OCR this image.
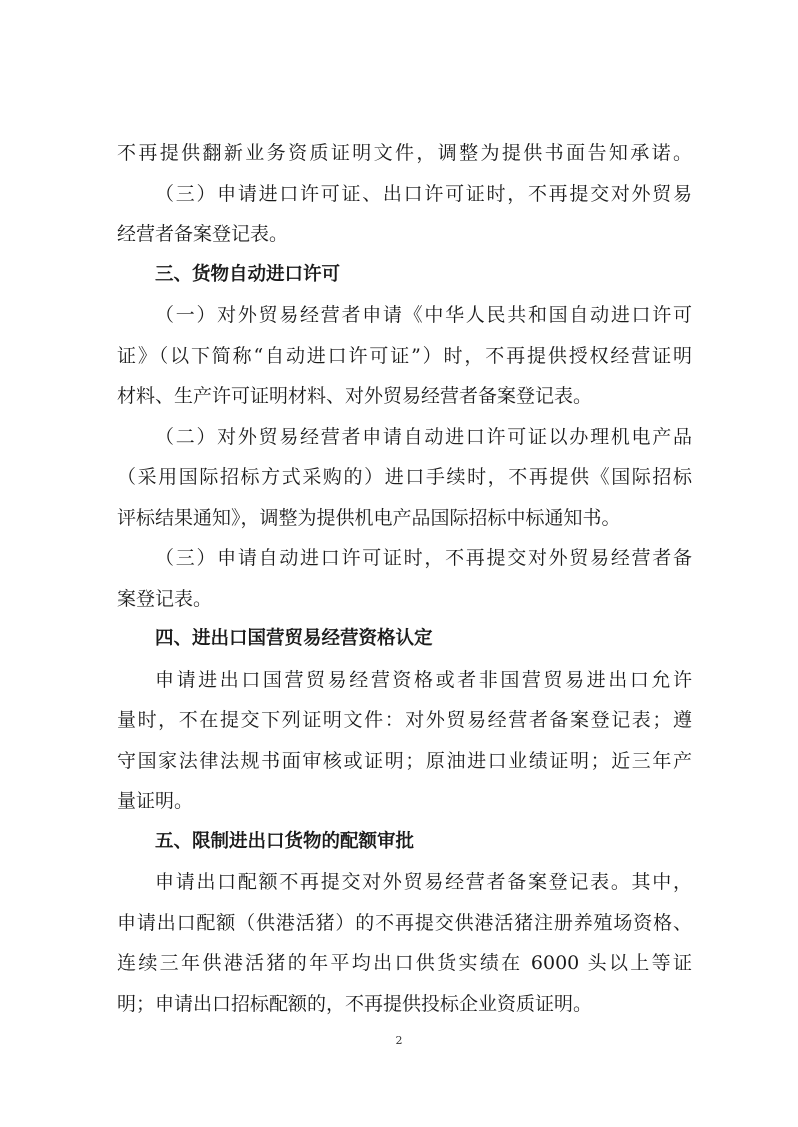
不再提供翻新业务资质证明文件，调整为提供书面告知承诺。
（三）申请进口许可证、出口许可证时，不再提交对外贸易
经营者备案登记表。
三、货物自动进口许可
（一）对外贸易经营者申请《中华人民共和国自动进口许可
证》（以下简称“自动进口许可证”）时，不再提供授权经营证明
材料、生产许可证明材料、对外贸易经营者备案登记表。
（二）对外贸易经营者申请自动进口许可证以办理机电产品
（采用国际招标方式采购的）进口手续时，不再提供《国际招标
评标结果通知》，调整为提供机电产品国际招标中标通知书。
（三）申请自动进口许可证时，不再提交对外贸易经营者备
案登记表。
四、进出口国营贸易经营资格认定
申请进出口国营贸易经营资格或者非国营贸易进出口允许
量时，不在提交下列证明文件：对外贸易经营者备案登记表；遵
守国家法律法规书面审核或证明；原油进口业绩证明；近三年产
量证明。
五、限制进出口货物的配额审批
申请出口配额不再提交对外贸易经营者备案登记表。其中，
申请出口配额（供港活猪）的不再提交供港活猪注册养殖场资格、
连续三年供港活猪的年平均出口供货实绩在 6000 头以上等证
明；申请出口招标配额的，不再提供投标企业资质证明。
2
